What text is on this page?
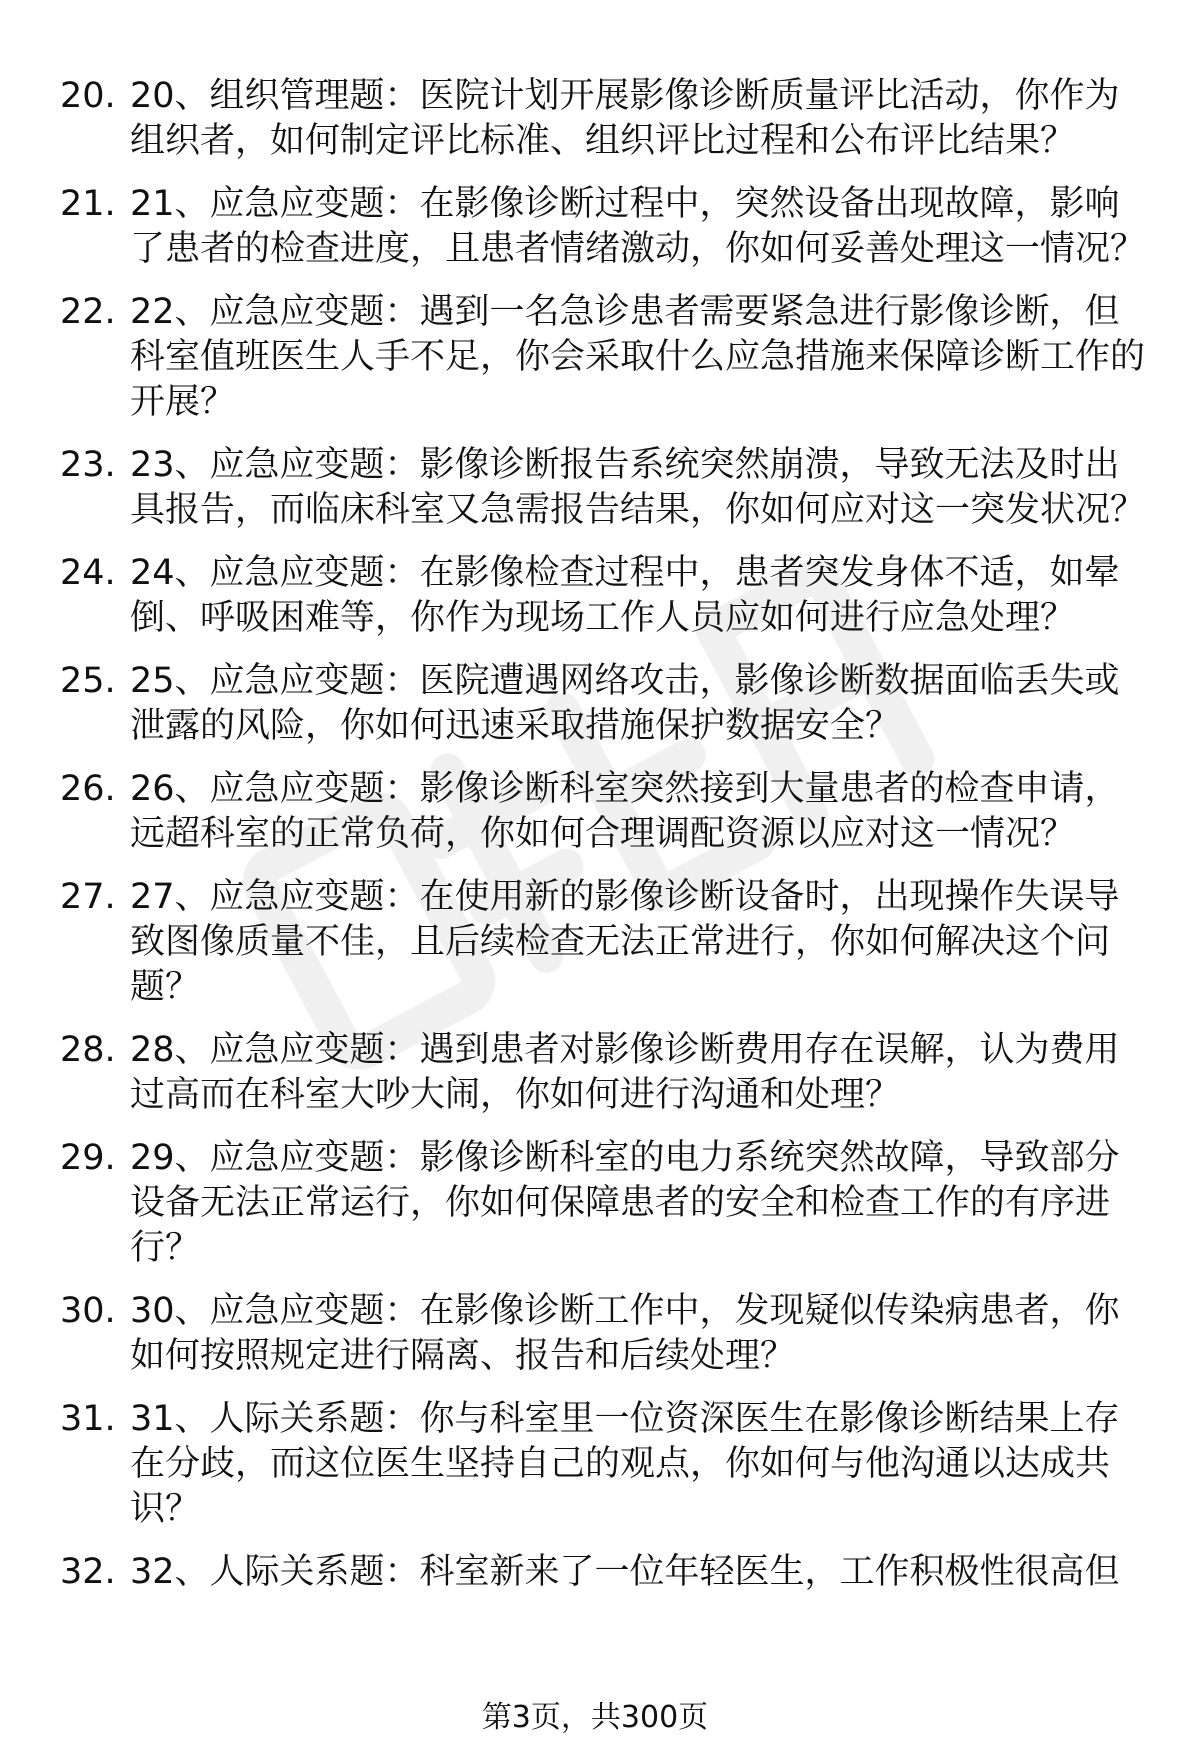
20. 20、组织管理题：医院计划开展影像诊断质量评比活动，你作为组织者，如何制定评比标准、组织评比过程和公布评比结果？
21. 21、应急应变题：在影像诊断过程中，突然设备出现故障，影响了患者的检查进度，且患者情绪激动，你如何妥善处理这一情况？
22. 22、应急应变题：遇到一名急诊患者需要紧急进行影像诊断，但科室值班医生人手不足，你会采取什么应急措施来保障诊断工作的开展？
23. 23、应急应变题：影像诊断报告系统突然崩溃，导致无法及时出具报告，而临床科室又急需报告结果，你如何应对这一突发状况？
24. 24、应急应变题：在影像检查过程中，患者突发身体不适，如晕倒、呼吸困难等，你作为现场工作人员应如何进行应急处理？
25. 25、应急应变题：医院遭遇网络攻击，影像诊断数据面临丢失或泄露的风险，你如何迅速采取措施保护数据安全？
26. 26、应急应变题：影像诊断科室突然接到大量患者的检查申请，远超科室的正常负荷，你如何合理调配资源以应对这一情况？
27. 27、应急应变题：在使用新的影像诊断设备时，出现操作失误导致图像质量不佳，且后续检查无法正常进行，你如何解决这个问题？
28. 28、应急应变题：遇到患者对影像诊断费用存在误解，认为费用过高而在科室大吵大闹，你如何进行沟通和处理？
29. 29、应急应变题：影像诊断科室的电力系统突然故障，导致部分设备无法正常运行，你如何保障患者的安全和检查工作的有序进行？
30. 30、应急应变题：在影像诊断工作中，发现疑似传染病患者，你如何按照规定进行隔离、报告和后续处理？
31. 31、人际关系题：你与科室里一位资深医生在影像诊断结果上存在分歧，而这位医生坚持自己的观点，你如何与他沟通以达成共识？
32. 32、人际关系题：科室新来了一位年轻医生，工作积极性很高但
第3页，共300页
